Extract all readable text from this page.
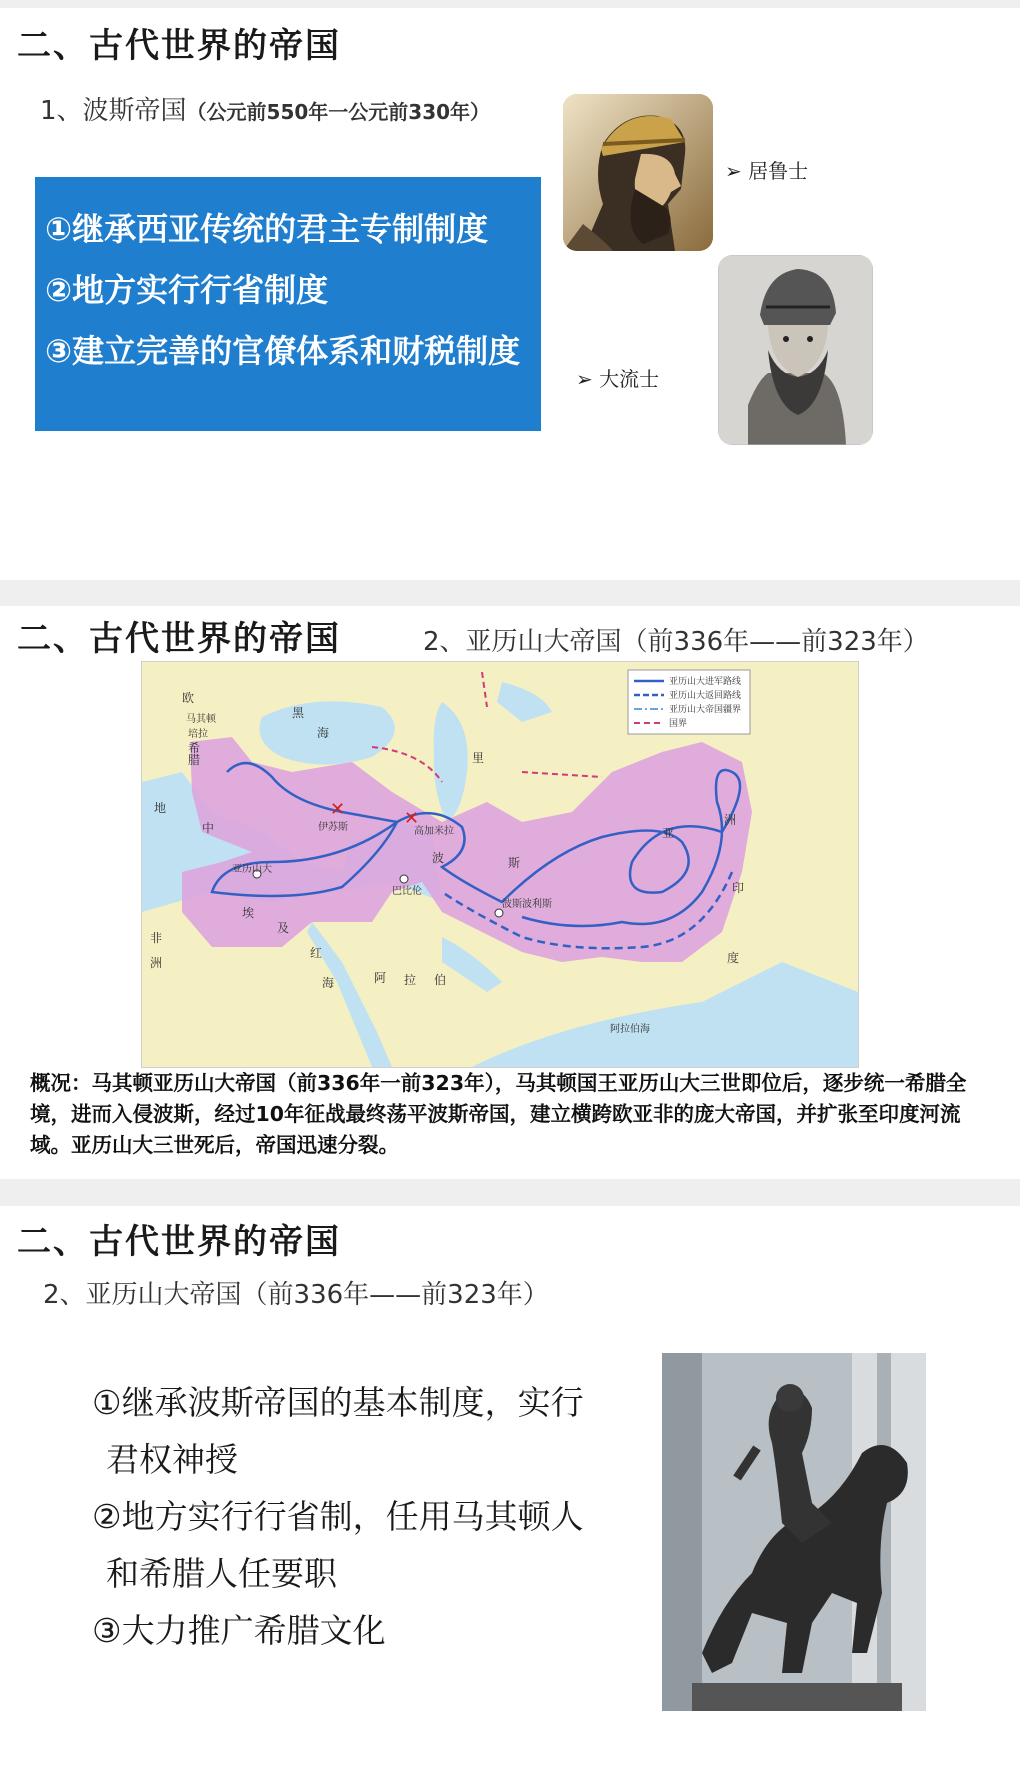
二、古代世界的帝国
1、波斯帝国（公元前550年一公元前330年）
①继承西亚传统的君主专制制度
②地方实行行省制度
③建立完善的官僚体系和财税制度
➢ 居鲁士
➢ 大流士
二、古代世界的帝国	2、亚历山大帝国（前336年——前323年）
✕	✕
欧
马其顿
培拉
希
腊
黑
海
里
地
中	伊苏斯	高加米拉
亚历山大
巴比伦
波	斯
埃
及
红
海	阿 拉 伯
波斯波利斯
亚
洲
印
度
非
洲
阿拉伯海
亚历山大进军路线
亚历山大返回路线
亚历山大帝国疆界
国界
概况：马其顿亚历山大帝国（前336年一前323年），马其顿国王亚历山大三世即位后，逐步统一希腊全境，进而入侵波斯，经过10年征战最终荡平波斯帝国，建立横跨欧亚非的庞大帝国，并扩张至印度河流域。亚历山大三世死后，帝国迅速分裂。
二、古代世界的帝国
2、亚历山大帝国（前336年——前323年）
①继承波斯帝国的基本制度，实行
君权神授
②地方实行行省制，任用马其顿人
和希腊人任要职
③大力推广希腊文化
